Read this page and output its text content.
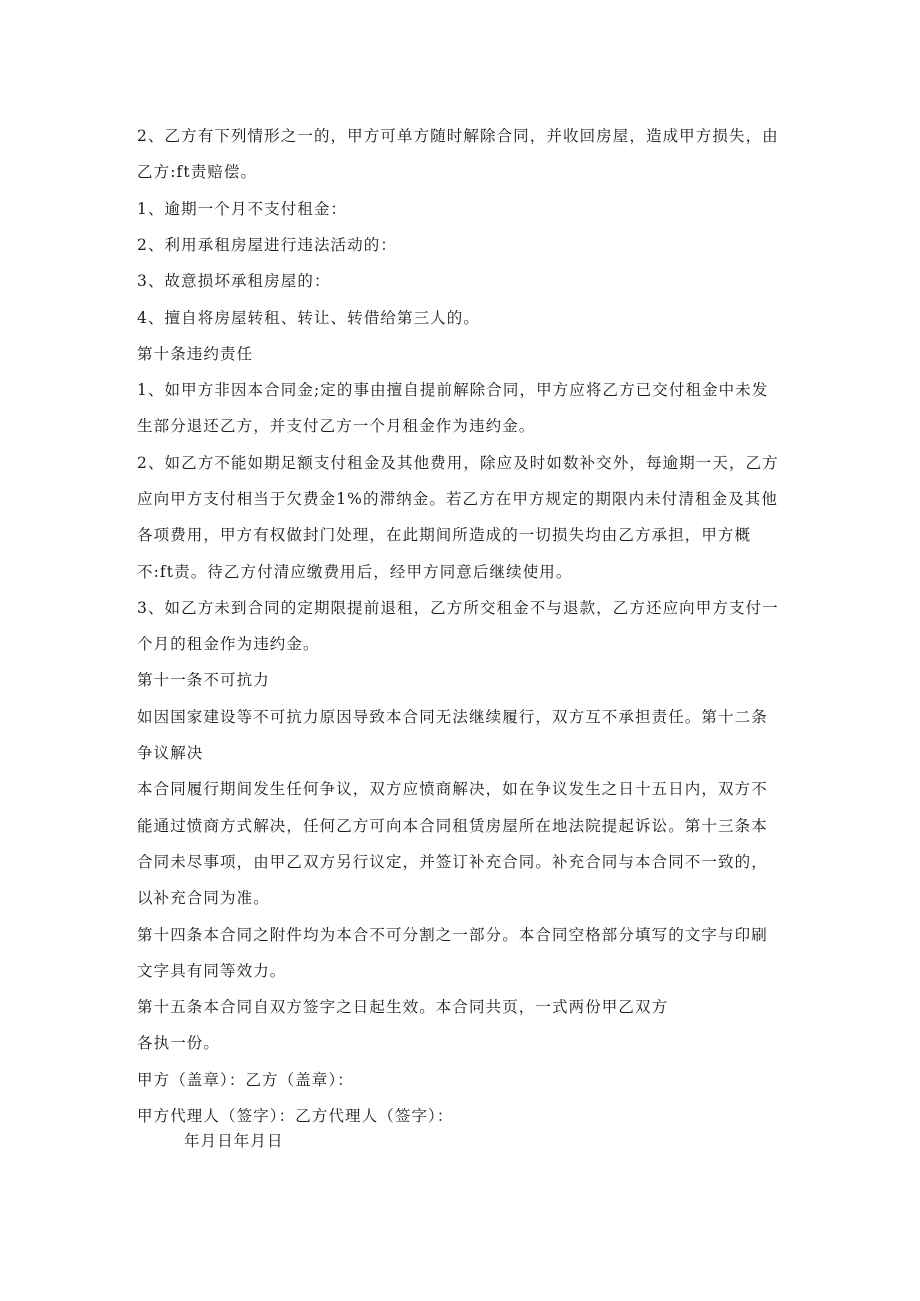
2、乙方有下列情形之一的，甲方可单方随时解除合同，并收回房屋，造成甲方损失，由
乙方:ft责赔偿。
1、逾期一个月不支付租金：
2、利用承租房屋进行违法活动的：
3、故意损坏承租房屋的：
4、擅自将房屋转租、转让、转借给第三人的。
第十条违约责任
1、如甲方非因本合同金;定的事由擅自提前解除合同，甲方应将乙方已交付租金中未发
生部分退还乙方，并支付乙方一个月租金作为违约金。
2、如乙方不能如期足额支付租金及其他费用，除应及时如数补交外，每逾期一天，乙方
应向甲方支付相当于欠费金1%的滞纳金。若乙方在甲方规定的期限内未付清租金及其他
各项费用，甲方有权做封门处理，在此期间所造成的一切损失均由乙方承担，甲方概
不:ft责。待乙方付清应缴费用后，经甲方同意后继续使用。
3、如乙方未到合同的定期限提前退租，乙方所交租金不与退款，乙方还应向甲方支付一
个月的租金作为违约金。
第十一条不可抗力
如因国家建设等不可抗力原因导致本合同无法继续履行，双方互不承担责任。第十二条
争议解决
本合同履行期间发生任何争议，双方应愤商解决，如在争议发生之日十五日内，双方不
能通过愤商方式解决，任何乙方可向本合同租赁房屋所在地法院提起诉讼。第十三条本
合同未尽事项，由甲乙双方另行议定，并签订补充合同。补充合同与本合同不一致的，
以补充合同为准。
第十四条本合同之附件均为本合不可分割之一部分。本合同空格部分填写的文字与印刷
文字具有同等效力。
第十五条本合同自双方签字之日起生效。本合同共页，一式两份甲乙双方
各执一份。
甲方（盖章）：乙方（盖章）：
甲方代理人（签字）：乙方代理人（签字）：
年月日年月日
